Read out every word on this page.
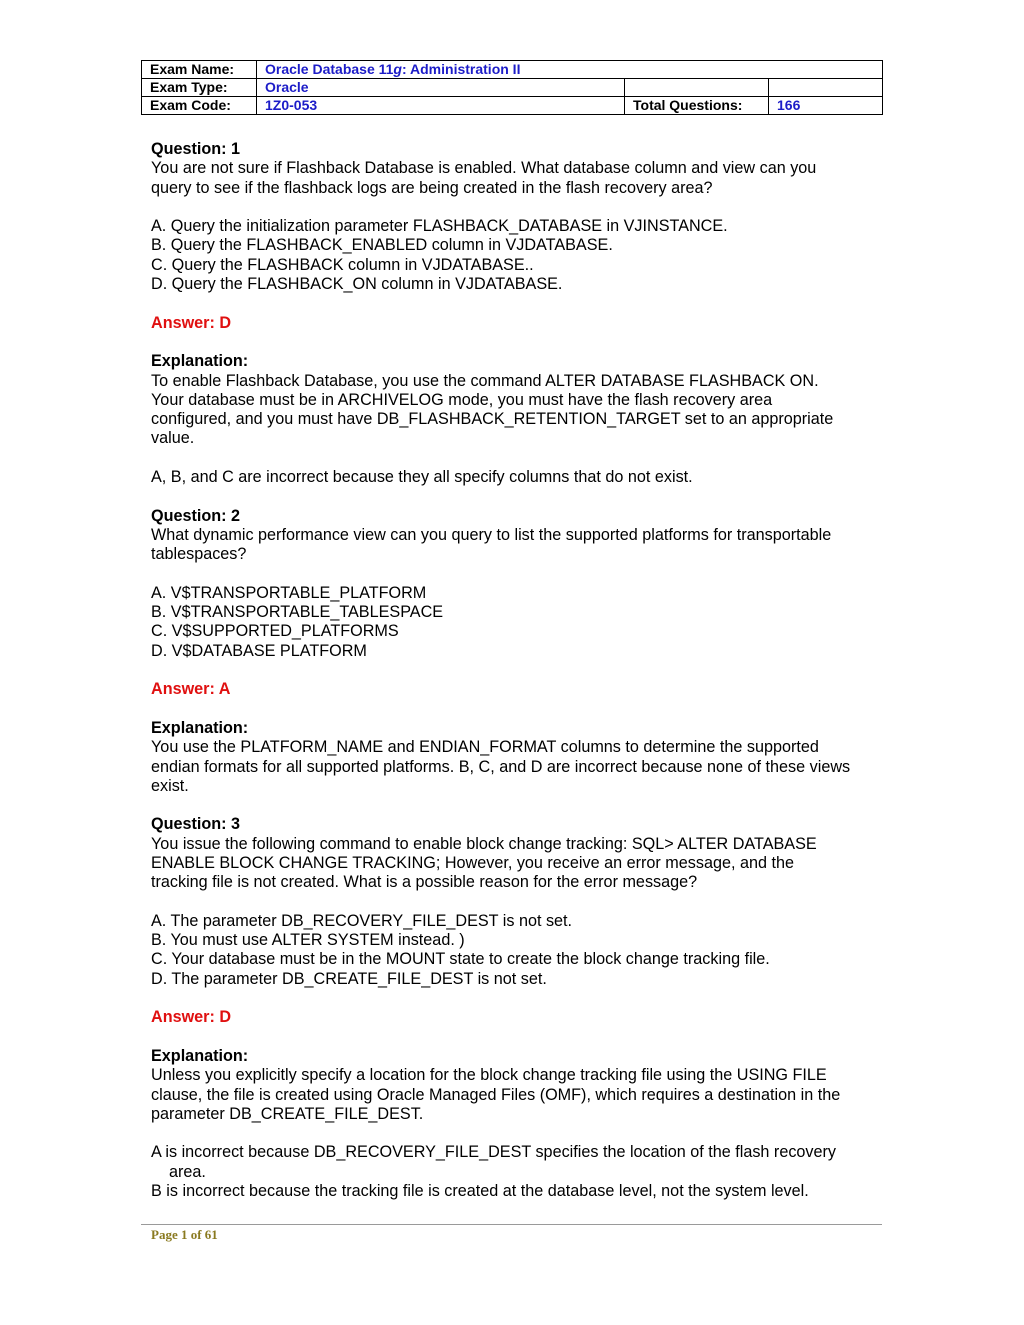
Exam Name:	Oracle Database 11g: Administration II		
Exam Type:	Oracle		
Exam Code:	1Z0-053	Total Questions:	166

Question: 1

You are not sure if Flashback Database is enabled. What database column and view can you

query to see if the flashback logs are being created in the flash recovery area?

A. Query the initialization parameter FLASHBACK_DATABASE in VJINSTANCE.

B. Query the FLASHBACK_ENABLED column in VJDATABASE.

C. Query the FLASHBACK column in VJDATABASE..

D. Query the FLASHBACK_ON column in VJDATABASE.

Answer: D

Explanation:

To enable Flashback Database, you use the command ALTER DATABASE FLASHBACK ON.

Your database must be in ARCHIVELOG mode, you must have the flash recovery area

configured, and you must have DB_FLASHBACK_RETENTION_TARGET set to an appropriate

value.

A, B, and C are incorrect because they all specify columns that do not exist.

Question: 2

What dynamic performance view can you query to list the supported platforms for transportable

tablespaces?

A. V$TRANSPORTABLE_PLATFORM

B. V$TRANSPORTABLE_TABLESPACE

C. V$SUPPORTED_PLATFORMS

D. V$DATABASE PLATFORM

Answer: A

Explanation:

You use the PLATFORM_NAME and ENDIAN_FORMAT columns to determine the supported

endian formats for all supported platforms. B, C, and D are incorrect because none of these views

exist.

Question: 3

You issue the following command to enable block change tracking: SQL> ALTER DATABASE

ENABLE BLOCK CHANGE TRACKING; However, you receive an error message, and the

tracking file is not created. What is a possible reason for the error message?

A. The parameter DB_RECOVERY_FILE_DEST is not set.

B. You must use ALTER SYSTEM instead. )

C. Your database must be in the MOUNT state to create the block change tracking file.

D. The parameter DB_CREATE_FILE_DEST is not set.

Answer: D

Explanation:

Unless you explicitly specify a location for the block change tracking file using the USING FILE

clause, the file is created using Oracle Managed Files (OMF), which requires a destination in the

parameter DB_CREATE_FILE_DEST.

A is incorrect because DB_RECOVERY_FILE_DEST specifies the location of the flash recovery

area.

B is incorrect because the tracking file is created at the database level, not the system level.

Page 1 of 61
